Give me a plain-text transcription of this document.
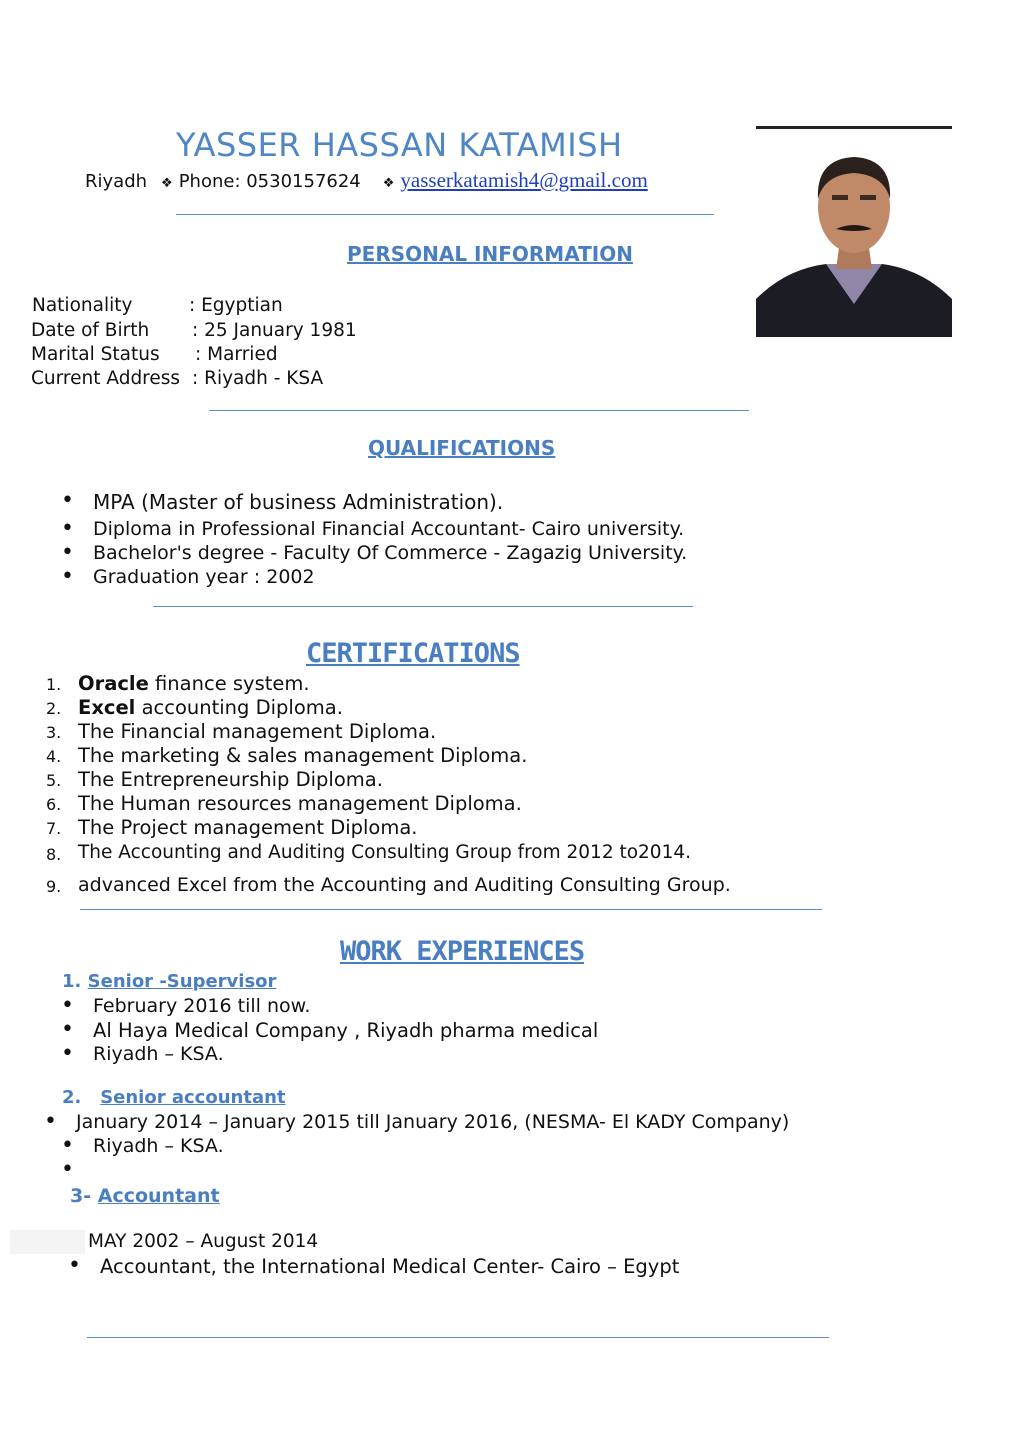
YASSER HASSAN KATAMISH
Riyadh ❖ Phone: 0530157624 ❖ yasserkatamish4@gmail.com
PERSONAL INFORMATION
Nationality	: Egyptian
Date of Birth : 25 January 1981
Marital Status : Married
Current Address : Riyadh - KSA
QUALIFICATIONS
• MPA (Master of business Administration).
• Diploma in Professional Financial Accountant- Cairo university.
• Bachelor's degree - Faculty Of Commerce - Zagazig University.
• Graduation year : 2002
CERTIFICATIONS
1. Oracle finance system.
2. Excel accounting Diploma.
3. The Financial management Diploma.
4. The marketing & sales management Diploma.
5. The Entrepreneurship Diploma.
6. The Human resources management Diploma.
7. The Project management Diploma.
8. The Accounting and Auditing Consulting Group from 2012 to2014.
9. advanced Excel from the Accounting and Auditing Consulting Group.
WORK EXPERIENCES
1. Senior -Supervisor
• February 2016 till now.
• Al Haya Medical Company , Riyadh pharma medical
• Riyadh – KSA.
2. Senior accountant
• January 2014 – January 2015 till January 2016, (NESMA- El KADY Company)
• Riyadh – KSA.
3- Accountant
MAY 2002 – August 2014
• Accountant, the International Medical Center- Cairo – Egypt
